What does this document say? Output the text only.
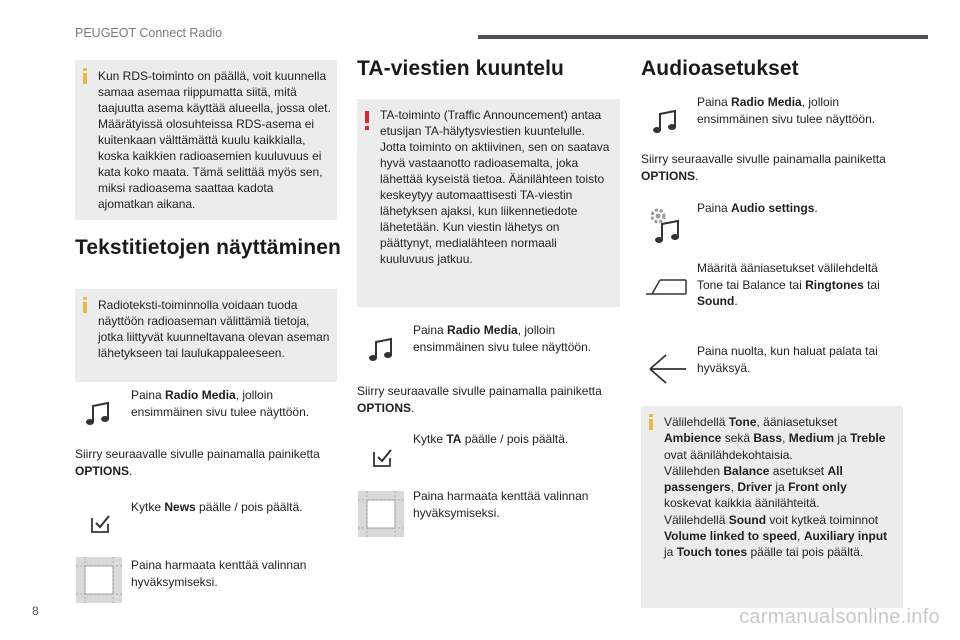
PEUGEOT Connect Radio
Kun RDS-toiminto on päällä, voit kuunnella samaa asemaa riippumatta siitä, mitä taajuutta asema käyttää alueella, jossa olet. Määrätyissä olosuhteissa RDS-asema ei kuitenkaan välttämättä kuulu kaikkialla, koska kaikkien radioasemien kuuluvuus ei kata koko maata. Tämä selittää myös sen, miksi radioasema saattaa kadota ajomatkan aikana.
Tekstitietojen näyttäminen
Radioteksti-toiminnolla voidaan tuoda näyttöön radioaseman välittämiä tietoja, jotka liittyvät kuunneltavana olevan aseman lähetykseen tai laulukappaleeseen.
Paina Radio Media, jolloin ensimmäinen sivu tulee näyttöön.
Siirry seuraavalle sivulle painamalla painiketta OPTIONS.
Kytke News päälle / pois päältä.
Paina harmaata kenttää valinnan hyväksymiseksi.
TA-viestien kuuntelu
TA-toiminto (Traffic Announcement) antaa etusijan TA-hälytysviestien kuuntelulle. Jotta toiminto on aktiivinen, sen on saatava hyvä vastaanotto radioasemalta, joka lähettää kyseistä tietoa. Äänilähteen toisto keskeytyy automaattisesti TA-viestin lähetyksen ajaksi, kun liikennetiedote lähetetään. Kun viestin lähetys on päättynyt, medialähteen normaali kuuluvuus jatkuu.
Paina Radio Media, jolloin ensimmäinen sivu tulee näyttöön.
Siirry seuraavalle sivulle painamalla painiketta OPTIONS.
Kytke TA päälle / pois päältä.
Paina harmaata kenttää valinnan hyväksymiseksi.
Audioasetukset
Paina Radio Media, jolloin ensimmäinen sivu tulee näyttöön.
Siirry seuraavalle sivulle painamalla painiketta OPTIONS.
Paina Audio settings.
Määritä ääniasetukset välilehdeltä Tone tai Balance tai Ringtones tai Sound.
Paina nuolta, kun haluat palata tai hyväksyä.
Välilehdellä Tone, ääniasetukset
Ambience sekä Bass, Medium ja Treble
ovat äänilähdekohtaisia.
Välilehden Balance asetukset All
passengers, Driver ja Front only
koskevat kaikkia äänilähteitä.
Välilehdellä Sound voit kytkeä toiminnot
Volume linked to speed, Auxiliary input
ja Touch tones päälle tai pois päältä.
8	carmanualsonline.info
